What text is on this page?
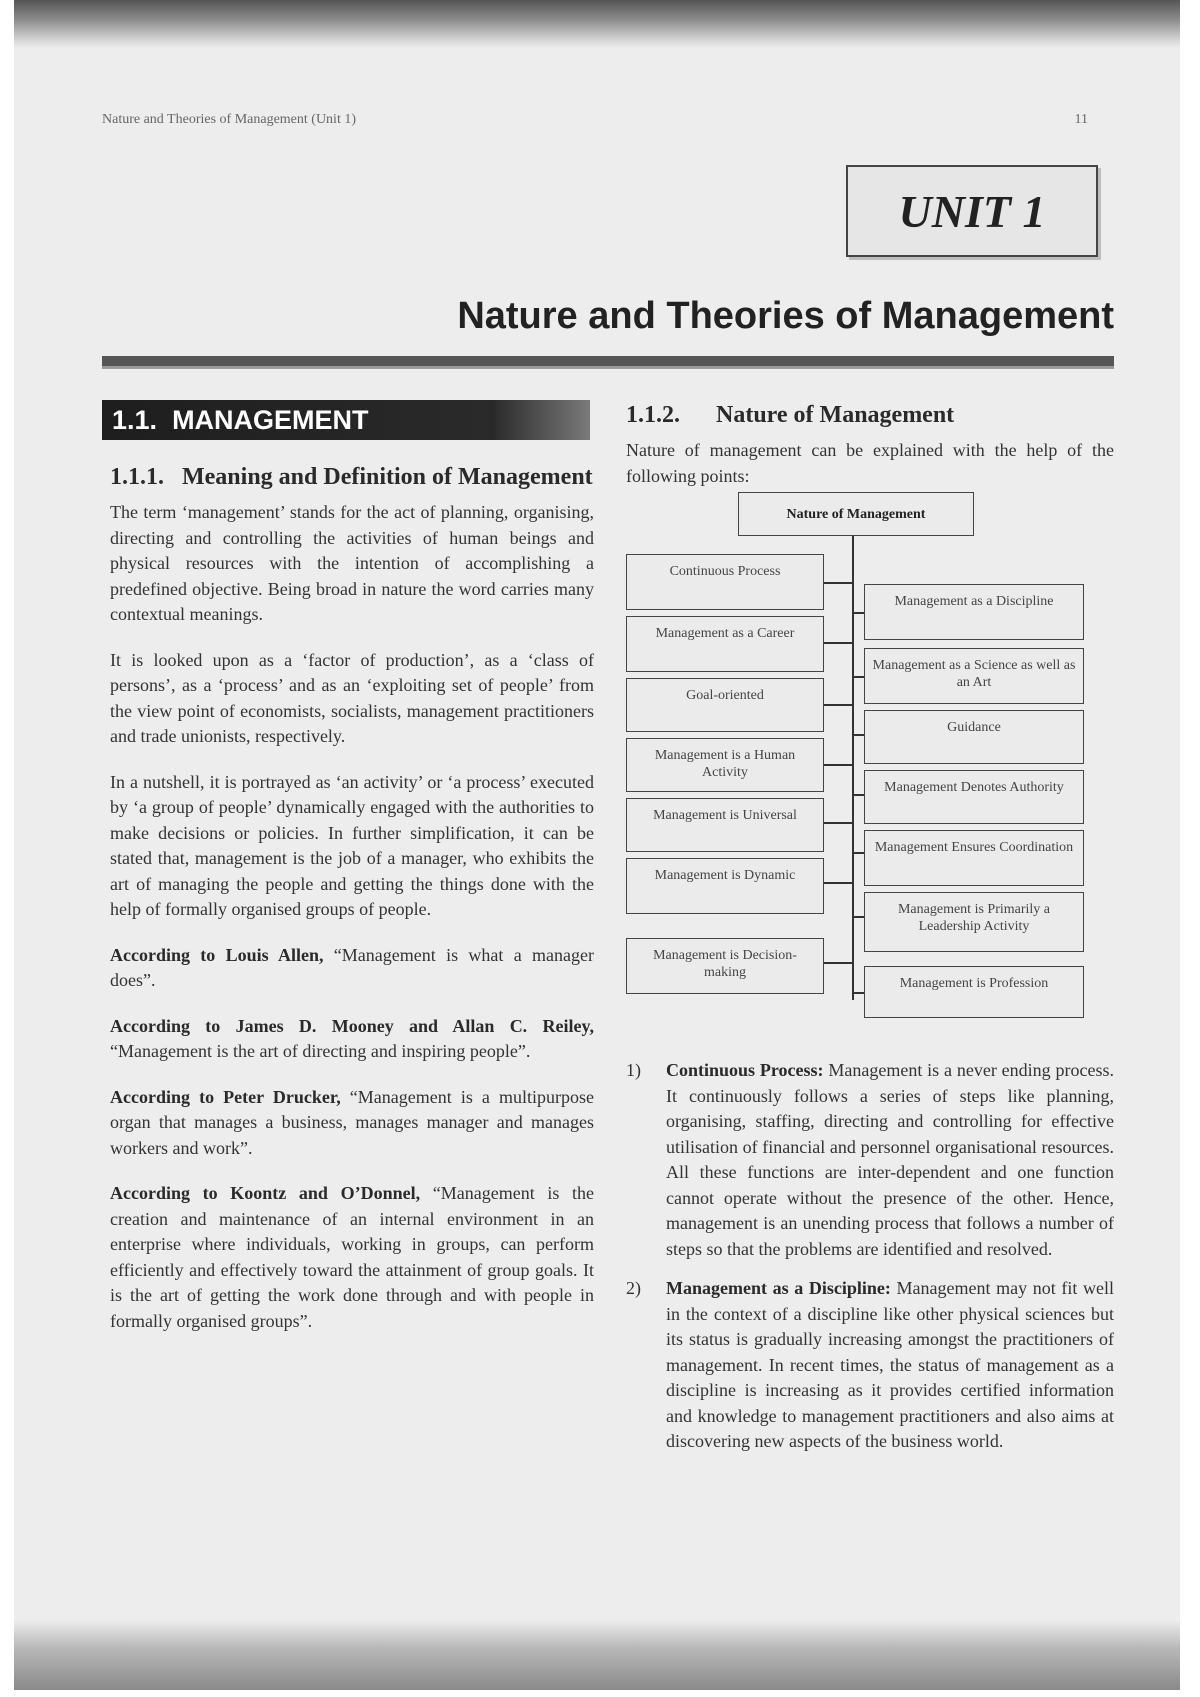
Nature and Theories of Management (Unit 1)	11
UNIT 1
Nature and Theories of Management
1.1. MANAGEMENT
1.1.1.   Meaning and Definition of Management

The term ‘management’ stands for the act of planning, organising, directing and controlling the activities of human beings and physical resources with the intention of accomplishing a predefined objective. Being broad in nature the word carries many contextual meanings.

It is looked upon as a ‘factor of production’, as a ‘class of persons’, as a ‘process’ and as an ‘exploiting set of people’ from the view point of economists, socialists, management practitioners and trade unionists, respectively.

In a nutshell, it is portrayed as ‘an activity’ or ‘a process’ executed by ‘a group of people’ dynamically engaged with the authorities to make decisions or policies. In further simplification, it can be stated that, management is the job of a manager, who exhibits the art of managing the people and getting the things done with the help of formally organised groups of people.

According to Louis Allen, “Management is what a manager does”.

According to James D. Mooney and Allan C. Reiley, “Management is the art of directing and inspiring people”.

According to Peter Drucker, “Management is a multipurpose organ that manages a business, manages manager and manages workers and work”.

According to Koontz and O’Donnel, “Management is the creation and maintenance of an internal environment in an enterprise where individuals, working in groups, can perform efficiently and effectively toward the attainment of group goals. It is the art of getting the work done through and with people in formally organised groups”.

1.1.2.      Nature of Management
Nature of management can be explained with the help of the following points:
Nature of Management
Continuous Process
Management as a Career
Goal-oriented
Management is a Human Activity
Management is Universal
Management is Dynamic
Management is Decision-making
Management as a Discipline
Management as a Science as well as an Art
Guidance
Management Denotes Authority
Management Ensures Coordination
Management is Primarily a Leadership Activity
Management is Profession
1) Continuous Process: Management is a never ending process. It continuously follows a series of steps like planning, organising, staffing, directing and controlling for effective utilisation of financial and personnel organisational resources. All these functions are inter-dependent and one function cannot operate without the presence of the other. Hence, management is an unending process that follows a number of steps so that the problems are identified and resolved.

2) Management as a Discipline: Management may not fit well in the context of a discipline like other physical sciences but its status is gradually increasing amongst the practitioners of management. In recent times, the status of management as a discipline is increasing as it provides certified information and knowledge to management practitioners and also aims at discovering new aspects of the business world.
